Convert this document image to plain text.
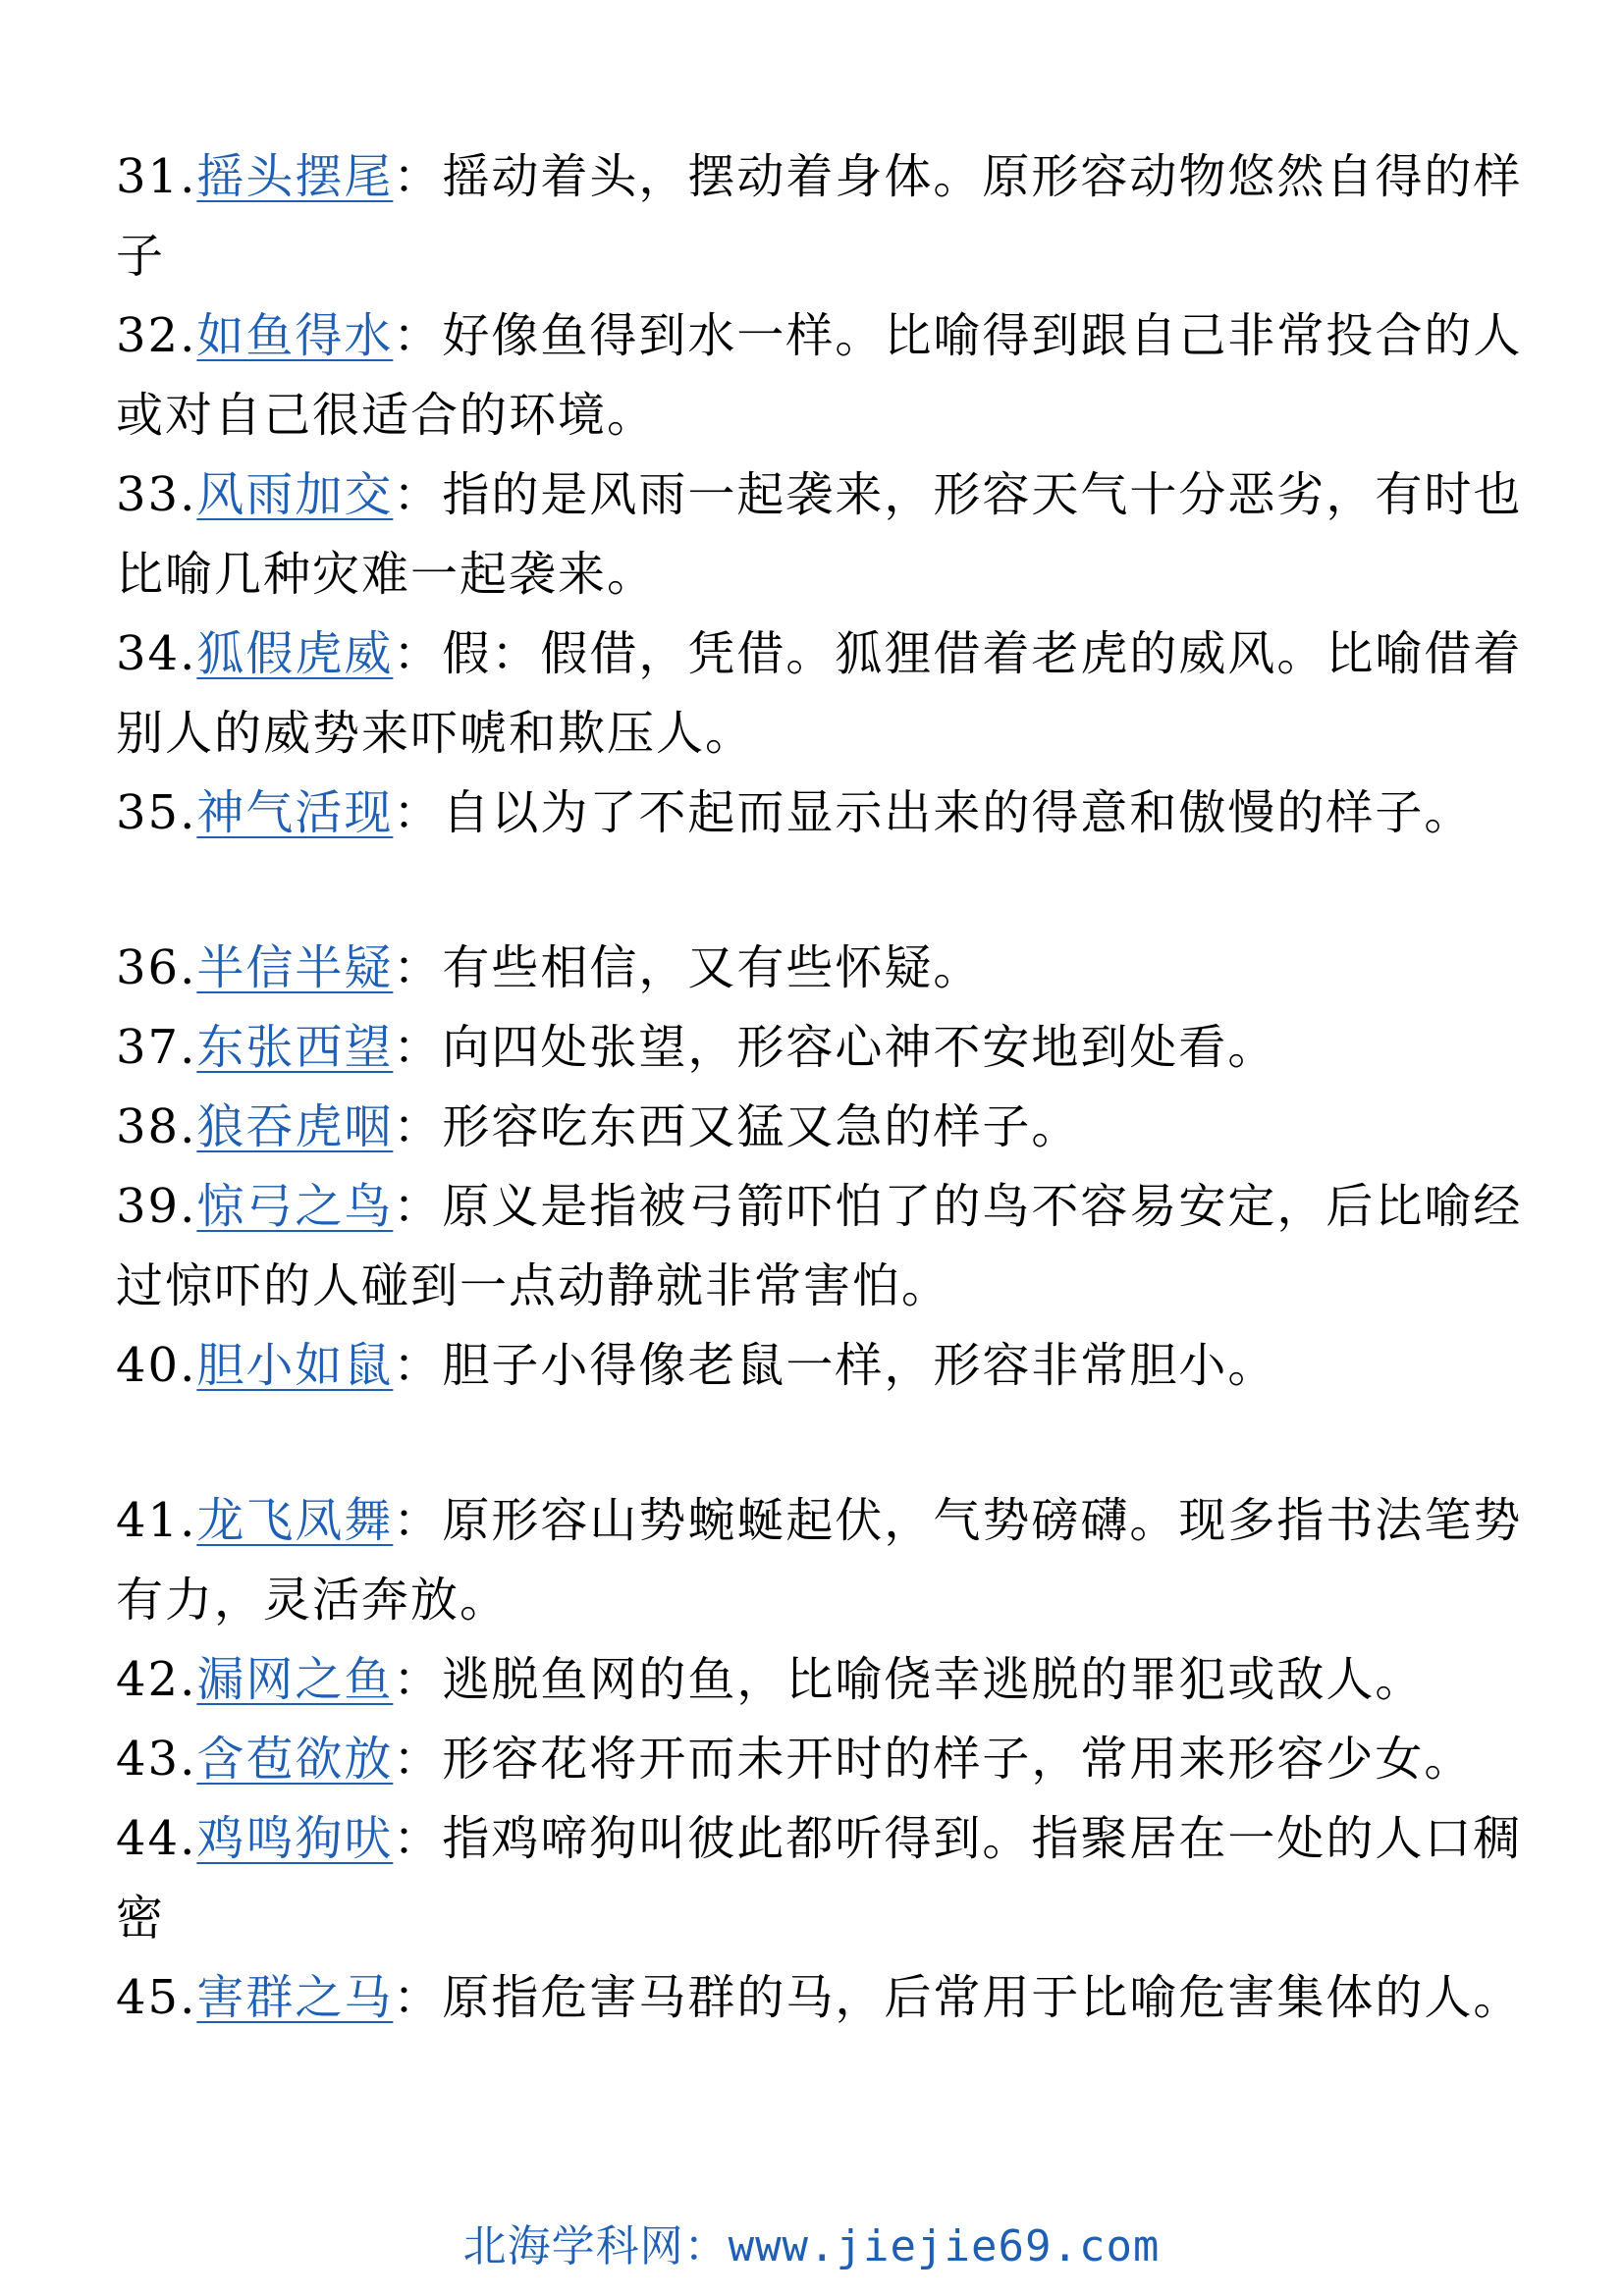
31.摇头摆尾：摇动着头，摆动着身体。原形容动物悠然自得的样子

32.如鱼得水：好像鱼得到水一样。比喻得到跟自己非常投合的人或对自己很适合的环境。

33.风雨加交：指的是风雨一起袭来，形容天气十分恶劣，有时也比喻几种灾难一起袭来。

34.狐假虎威：假：假借，凭借。狐狸借着老虎的威风。比喻借着别人的威势来吓唬和欺压人。

35.神气活现：自以为了不起而显示出来的得意和傲慢的样子。

36.半信半疑：有些相信，又有些怀疑。

37.东张西望：向四处张望，形容心神不安地到处看。

38.狼吞虎咽：形容吃东西又猛又急的样子。

39.惊弓之鸟：原义是指被弓箭吓怕了的鸟不容易安定，后比喻经过惊吓的人碰到一点动静就非常害怕。

40.胆小如鼠：胆子小得像老鼠一样，形容非常胆小。

41.龙飞凤舞：原形容山势蜿蜒起伏，气势磅礴。现多指书法笔势有力，灵活奔放。

42.漏网之鱼：逃脱鱼网的鱼，比喻侥幸逃脱的罪犯或敌人。

43.含苞欲放：形容花将开而未开时的样子，常用来形容少女。

44.鸡鸣狗吠：指鸡啼狗叫彼此都听得到。指聚居在一处的人口稠密

45.害群之马：原指危害马群的马，后常用于比喻危害集体的人。

北海学科网：www.jiejie69.com
